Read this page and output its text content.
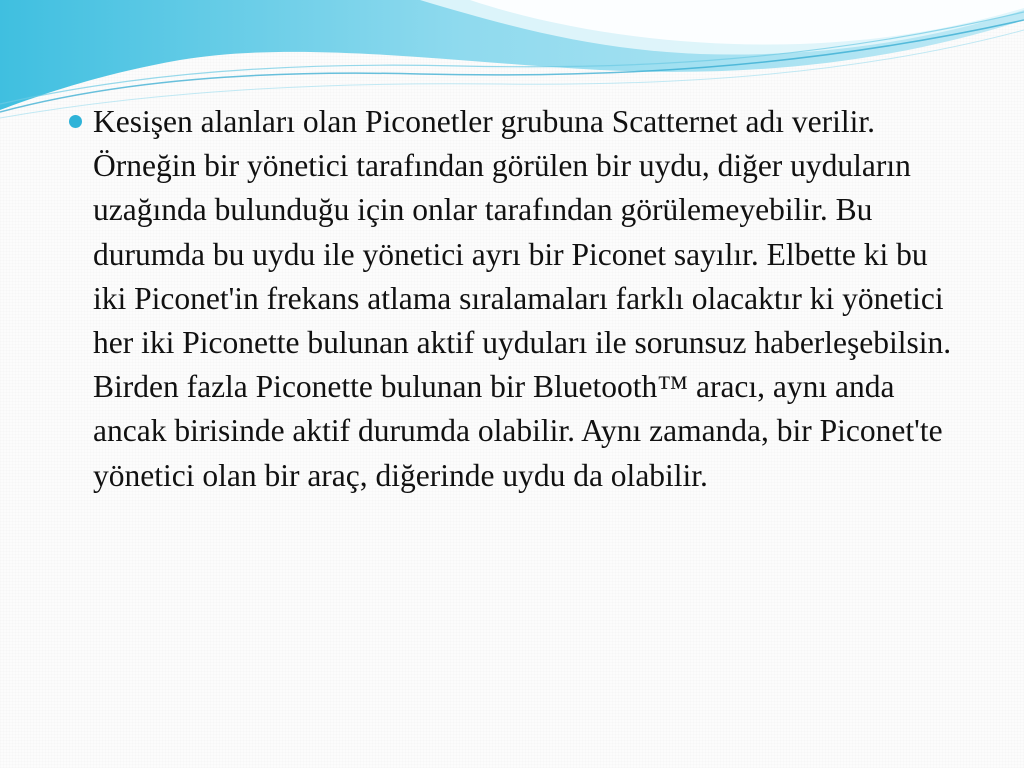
Kesişen alanları olan Piconetler grubuna Scatternet adı verilir. Örneğin bir yönetici tarafından görülen bir uydu, diğer uyduların uzağında bulunduğu için onlar tarafından görülemeyebilir. Bu durumda bu uydu ile yönetici ayrı bir Piconet sayılır. Elbette ki bu iki Piconet'in frekans atlama sıralamaları farklı olacaktır ki yönetici her iki Piconette bulunan aktif uyduları ile sorunsuz haberleşebilsin. Birden fazla Piconette bulunan bir Bluetooth™ aracı, aynı anda ancak birisinde aktif durumda olabilir. Aynı zamanda, bir Piconet'te yönetici olan bir araç, diğerinde uydu da olabilir.
